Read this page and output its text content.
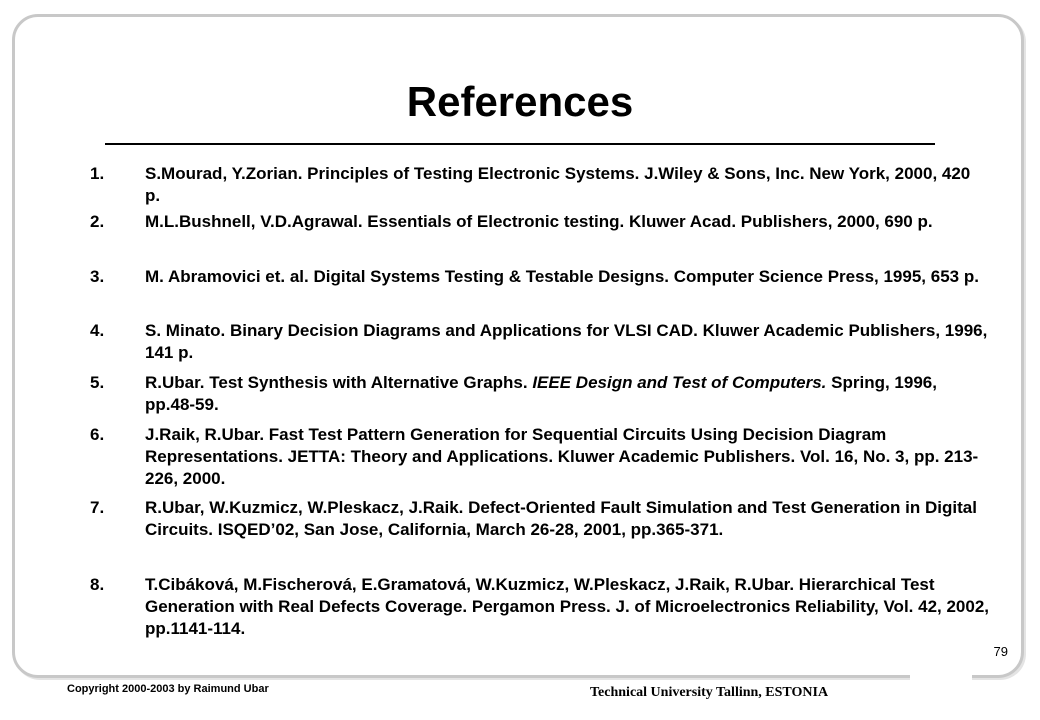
References
1.	S.Mourad, Y.Zorian. Principles of Testing Electronic Systems. J.Wiley & Sons, Inc. New York, 2000, 420 p.
2.	M.L.Bushnell, V.D.Agrawal. Essentials of Electronic testing. Kluwer Acad. Publishers, 2000, 690 p.
3.	M. Abramovici et. al. Digital Systems Testing & Testable Designs. Computer Science Press, 1995, 653 p.
4.	S. Minato. Binary Decision Diagrams and Applications for VLSI CAD. Kluwer Academic Publishers, 1996, 141 p.
5.	R.Ubar. Test Synthesis with Alternative Graphs. IEEE Design and Test of Computers. Spring, 1996, pp.48-59.
6.	J.Raik, R.Ubar. Fast Test Pattern Generation for Sequential Circuits Using Decision Diagram Representations. JETTA: Theory and Applications. Kluwer Academic Publishers. Vol. 16, No. 3, pp. 213-226, 2000.
7.	R.Ubar, W.Kuzmicz, W.Pleskacz, J.Raik. Defect-Oriented Fault Simulation and Test Generation in Digital Circuits. ISQED’02, San Jose, California, March 26-28, 2001, pp.365-371.
8.	T.Cibáková, M.Fischerová, E.Gramatová, W.Kuzmicz, W.Pleskacz, J.Raik, R.Ubar. Hierarchical Test Generation with Real Defects Coverage. Pergamon Press. J. of Microelectronics Reliability, Vol. 42, 2002, pp.1141-114.
79
Copyright 2000-2003 by Raimund Ubar	Technical University Tallinn, ESTONIA
